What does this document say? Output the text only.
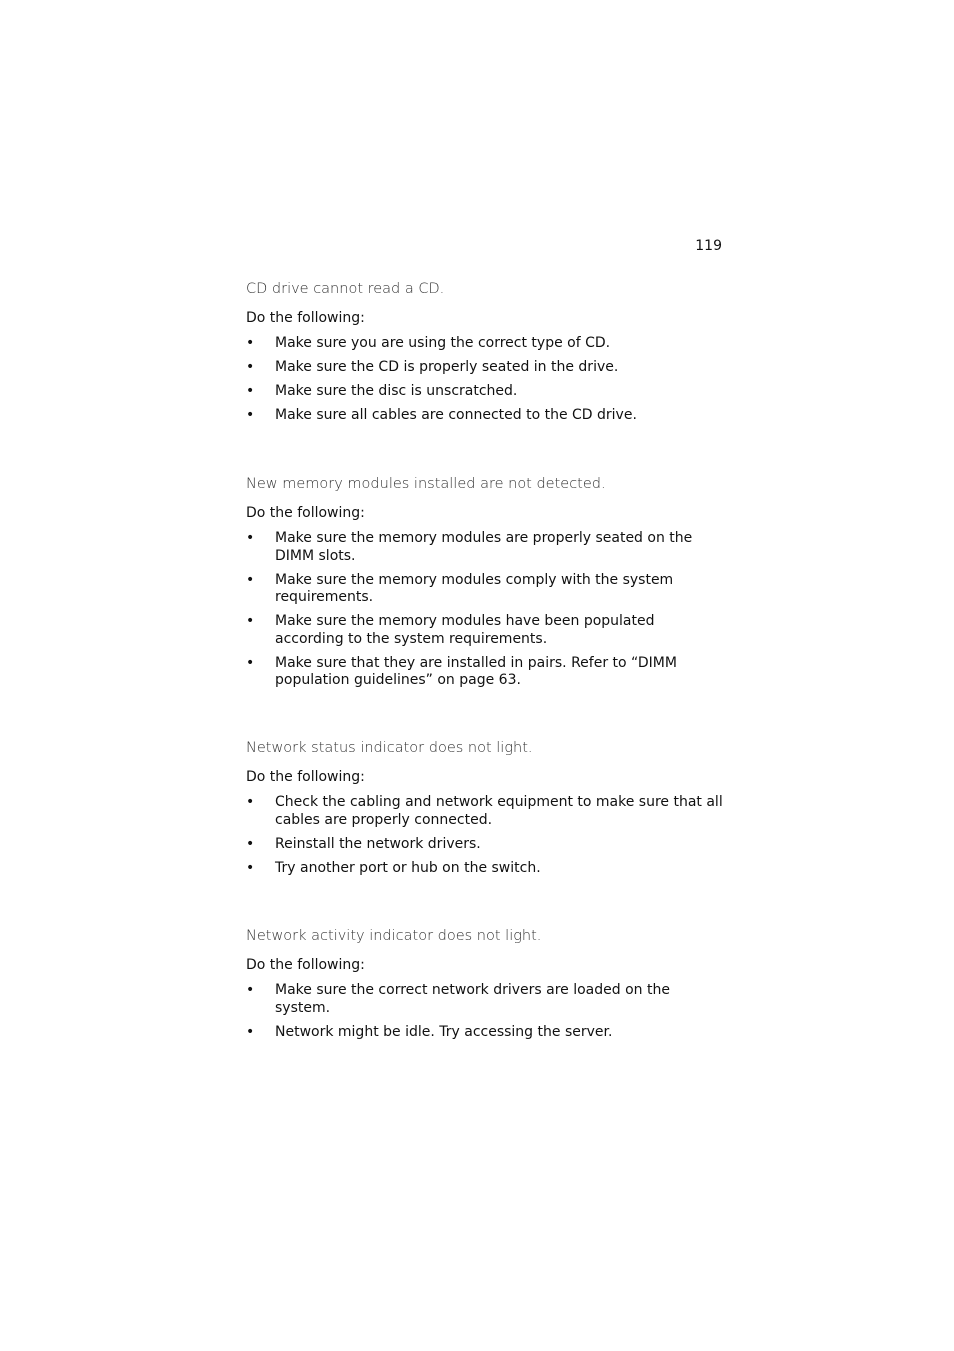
119

CD drive cannot read a CD.

Do the following:

• Make sure you are using the correct type of CD.
• Make sure the CD is properly seated in the drive.
• Make sure the disc is unscratched.
• Make sure all cables are connected to the CD drive.

New memory modules installed are not detected.

Do the following:

• Make sure the memory modules are properly seated on the DIMM slots.
• Make sure the memory modules comply with the system requirements.
• Make sure the memory modules have been populated according to the system requirements.
• Make sure that they are installed in pairs. Refer to “DIMM population guidelines” on page 63.

Network status indicator does not light.

Do the following:

• Check the cabling and network equipment to make sure that all cables are properly connected.
• Reinstall the network drivers.
• Try another port or hub on the switch.

Network activity indicator does not light.

Do the following:

• Make sure the correct network drivers are loaded on the system.
• Network might be idle. Try accessing the server.
